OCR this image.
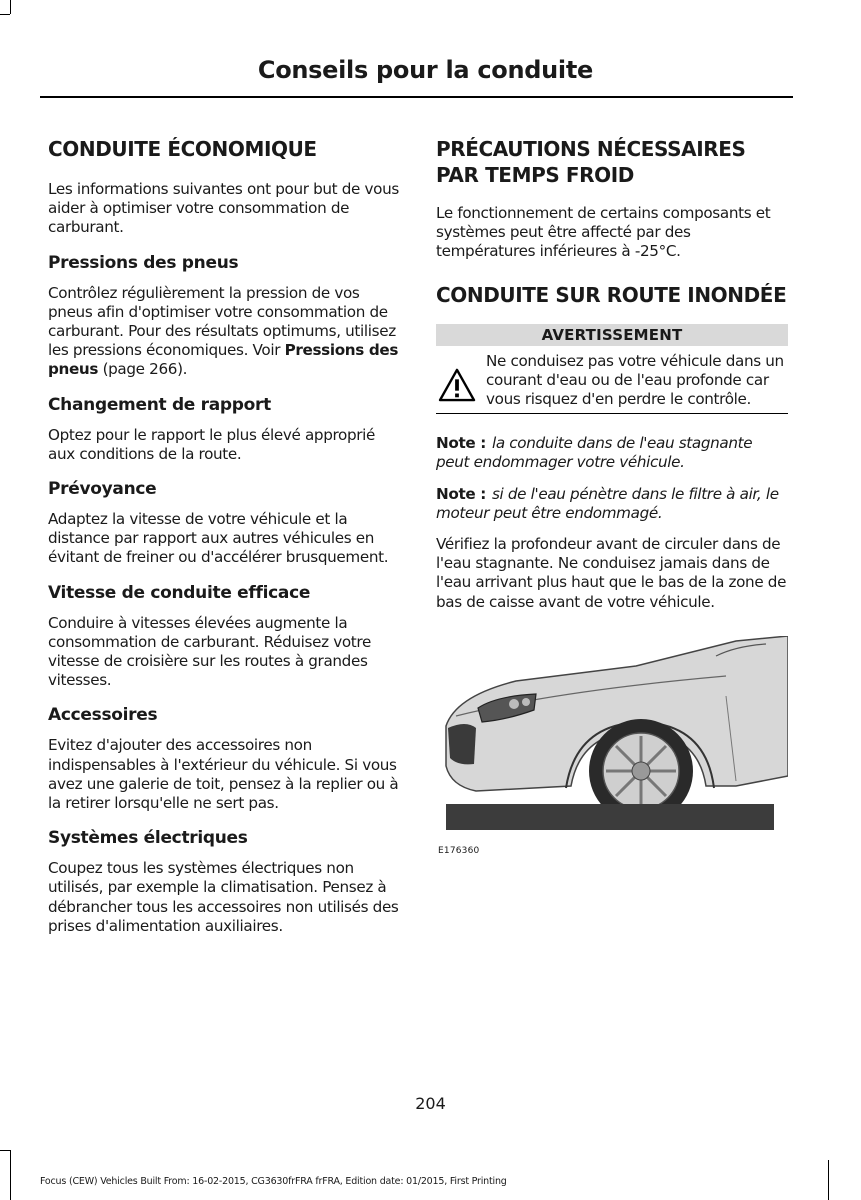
Conseils pour la conduite
CONDUITE ÉCONOMIQUE

Les informations suivantes ont pour but de vous aider à optimiser votre consommation de carburant.

Pressions des pneus

Contrôlez régulièrement la pression de vos pneus afin d'optimiser votre consommation de carburant. Pour des résultats optimums, utilisez les pressions économiques. Voir Pressions des pneus (page 266).

Changement de rapport

Optez pour le rapport le plus élevé approprié aux conditions de la route.

Prévoyance

Adaptez la vitesse de votre véhicule et la distance par rapport aux autres véhicules en évitant de freiner ou d'accélérer brusquement.

Vitesse de conduite efficace

Conduire à vitesses élevées augmente la consommation de carburant. Réduisez votre vitesse de croisière sur les routes à grandes vitesses.

Accessoires

Evitez d'ajouter des accessoires non indispensables à l'extérieur du véhicule. Si vous avez une galerie de toit, pensez à la replier ou à la retirer lorsqu'elle ne sert pas.

Systèmes électriques

Coupez tous les systèmes électriques non utilisés, par exemple la climatisation. Pensez à débrancher tous les accessoires non utilisés des prises d'alimentation auxiliaires.

PRÉCAUTIONS NÉCESSAIRES PAR TEMPS FROID

Le fonctionnement de certains composants et systèmes peut être affecté par des températures inférieures à -25°C.

CONDUITE SUR ROUTE INONDÉE
AVERTISSEMENT

Ne conduisez pas votre véhicule dans un courant d'eau ou de l'eau profonde car vous risquez d'en perdre le contrôle.

Note : la conduite dans de l'eau stagnante peut endommager votre véhicule.

Note : si de l'eau pénètre dans le filtre à air, le moteur peut être endommagé.

Vérifiez la profondeur avant de circuler dans de l'eau stagnante. Ne conduisez jamais dans de l'eau arrivant plus haut que le bas de la zone de bas de caisse avant de votre véhicule.

E176360
204
Focus (CEW) Vehicles Built From: 16-02-2015, CG3630frFRA frFRA, Edition date: 01/2015, First Printing
